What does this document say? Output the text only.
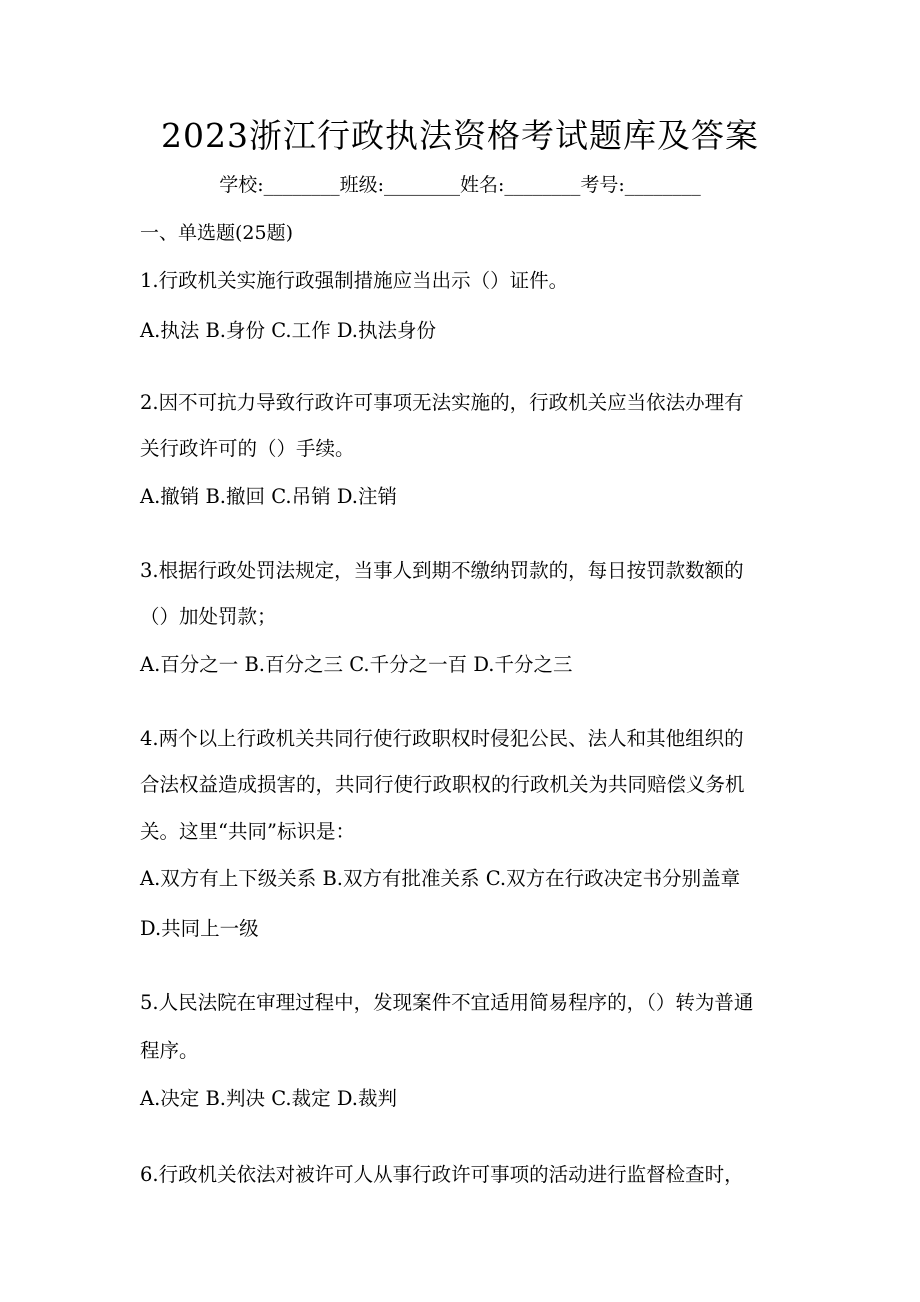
2023浙江行政执法资格考试题库及答案
学校:________班级:________姓名:________考号:________
一、单选题(25题)
1.行政机关实施行政强制措施应当出示（）证件。
A.执法 B.身份 C.工作 D.执法身份
2.因不可抗力导致行政许可事项无法实施的，行政机关应当依法办理有
关行政许可的（）手续。
A.撤销 B.撤回 C.吊销 D.注销
3.根据行政处罚法规定，当事人到期不缴纳罚款的，每日按罚款数额的
（）加处罚款；
A.百分之一 B.百分之三 C.千分之一百 D.千分之三
4.两个以上行政机关共同行使行政职权时侵犯公民、法人和其他组织的
合法权益造成损害的，共同行使行政职权的行政机关为共同赔偿义务机
关。这里“共同”标识是：
A.双方有上下级关系 B.双方有批准关系 C.双方在行政决定书分别盖章
D.共同上一级
5.人民法院在审理过程中，发现案件不宜适用简易程序的，（）转为普通
程序。
A.决定 B.判决 C.裁定 D.裁判
6.行政机关依法对被许可人从事行政许可事项的活动进行监督检查时，
